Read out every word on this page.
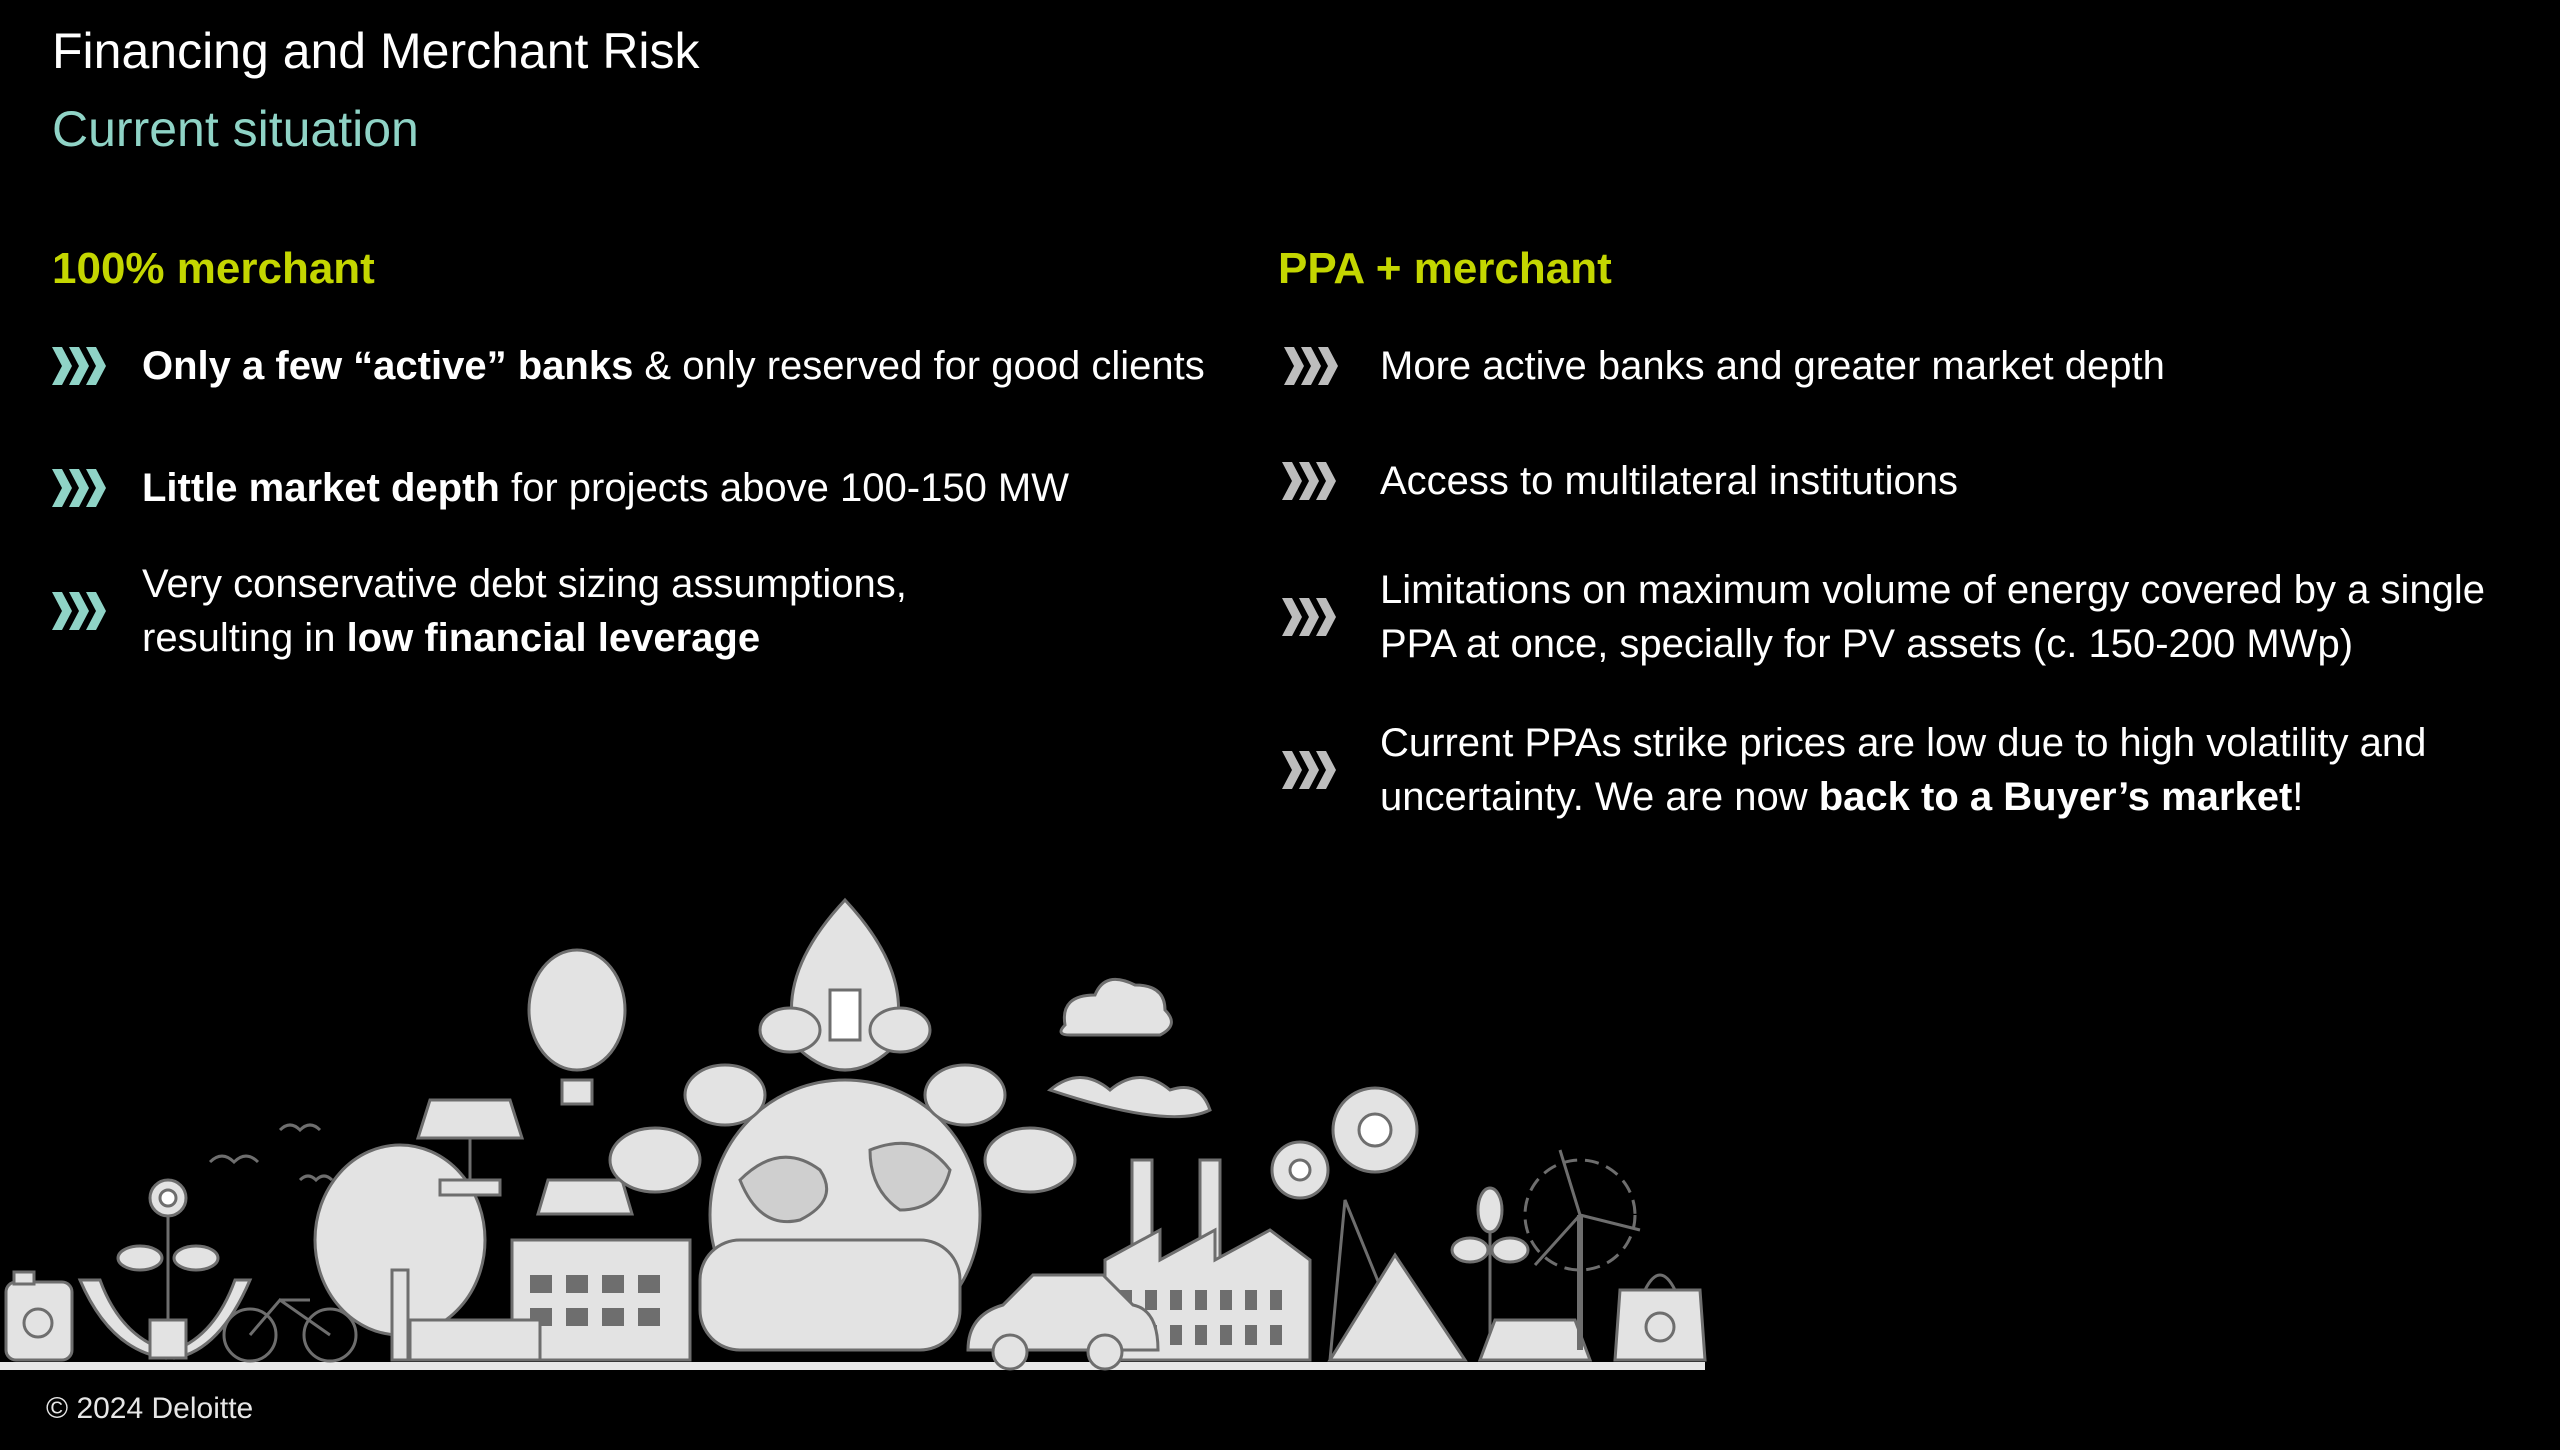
Financing and Merchant Risk
Current situation
100% merchant
Only a few “active” banks & only reserved for good clients
Little market depth for projects above 100-150 MW
Very conservative debt sizing assumptions,
resulting in low financial leverage
PPA + merchant
More active banks and greater market depth
Access to multilateral institutions
Limitations on maximum volume of energy covered by a single
PPA at once, specially for PV assets (c. 150-200 MWp)
Current PPAs strike prices are low due to high volatility and
uncertainty. We are now back to a Buyer’s market!
© 2024 Deloitte
